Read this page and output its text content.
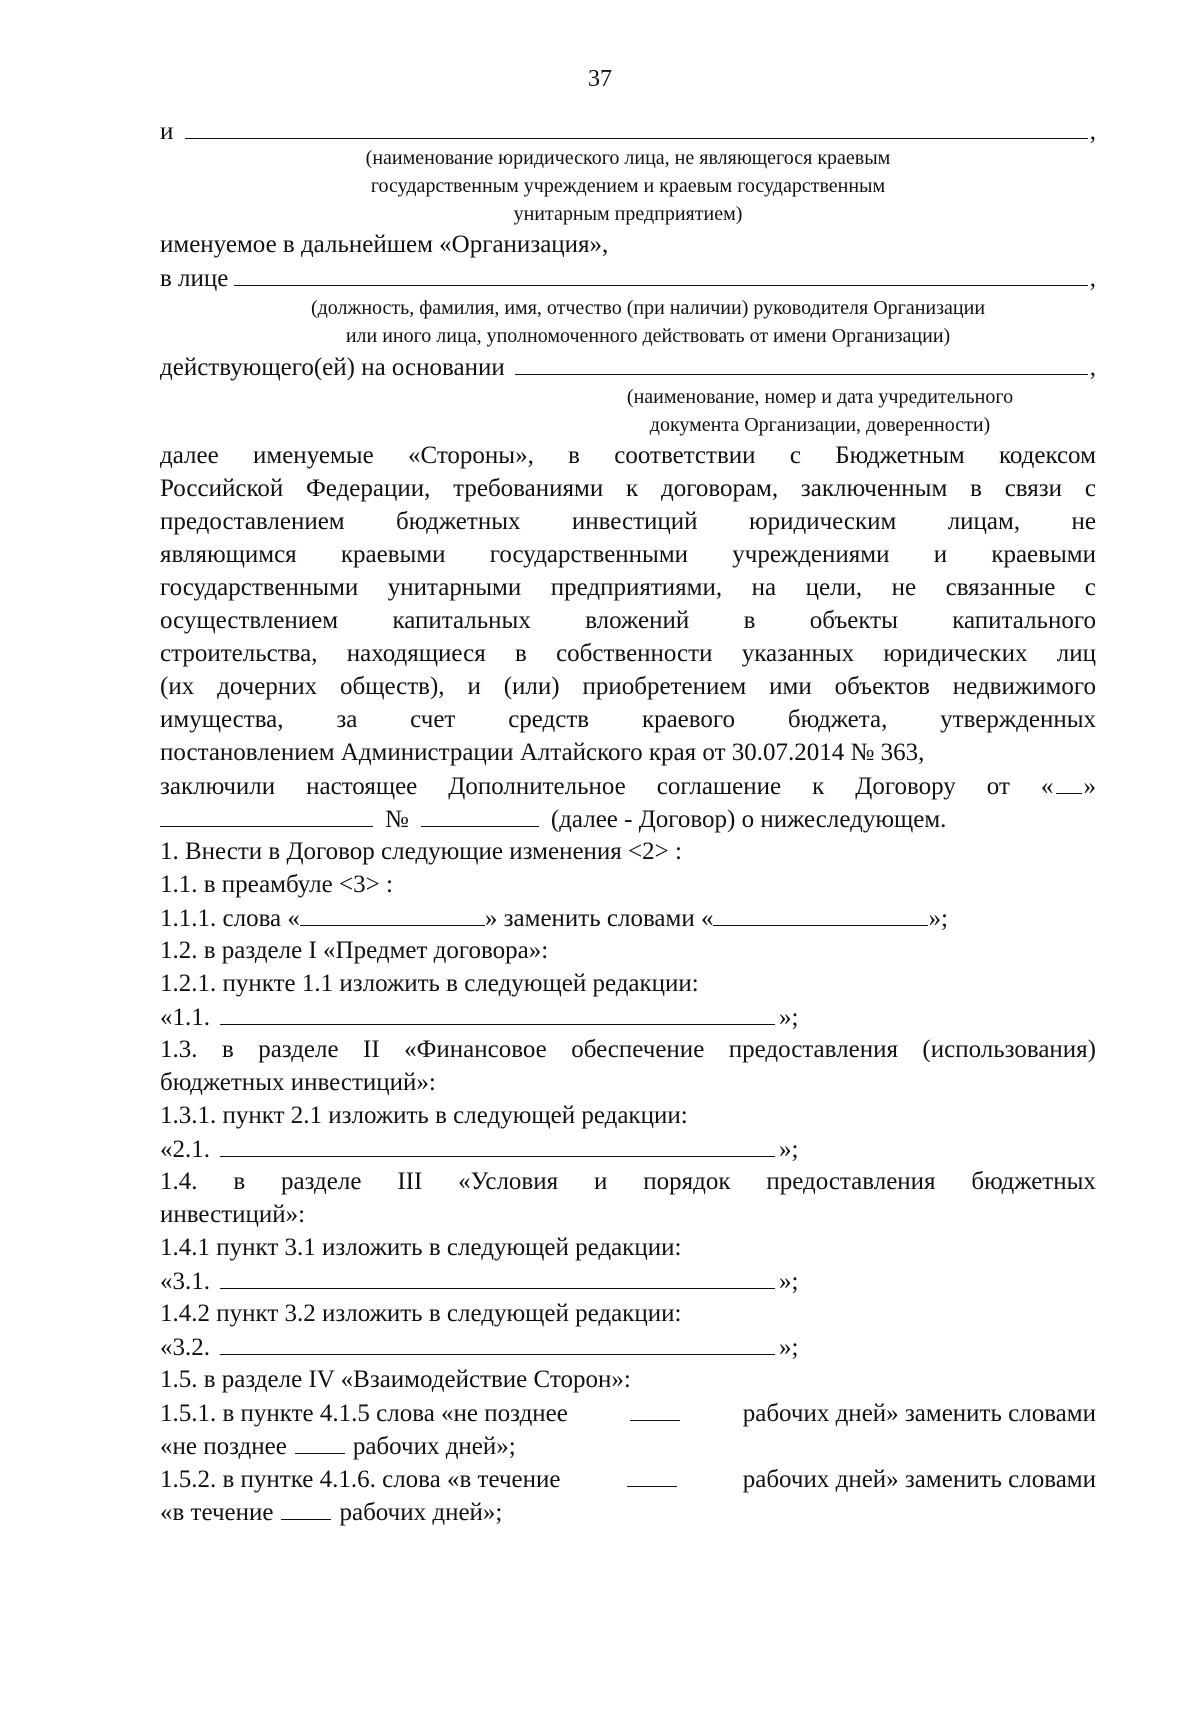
37
и	,
(наименование юридического лица, не являющегося краевым
государственным учреждением и краевым государственным
унитарным предприятием)
именуемое в дальнейшем «Организация»,
в лице	,
(должность, фамилия, имя, отчество (при наличии) руководителя Организации
или иного лица, уполномоченного действовать от имени Организации)
действующего(ей) на основании	,
(наименование, номер и дата учредительного
документа Организации, доверенности)
далее именуемые «Стороны», в соответствии с Бюджетным кодексом
Российской Федерации, требованиями к договорам, заключенным в связи с
предоставлением бюджетных инвестиций юридическим лицам, не
являющимся краевыми государственными учреждениями и краевыми
государственными унитарными предприятиями, на цели, не связанные с
осуществлением капитальных вложений в объекты капитального
строительства, находящиеся в собственности указанных юридических лиц
(их дочерних обществ), и (или) приобретением ими объектов недвижимого
имущества, за счет средств краевого бюджета, утвержденных
постановлением Администрации Алтайского края от 30.07.2014 № 363,
заключили настоящее Дополнительное соглашение к Договору от « »
№	(далее - Договор) о нижеследующем.
1. Внести в Договор следующие изменения <2> :
1.1. в преамбуле <3> :
1.1.1. слова «	» заменить словами «	»;
1.2. в разделе I «Предмет договора»:
1.2.1. пункте 1.1 изложить в следующей редакции:
«1.1.	»;
1.3. в разделе II «Финансовое обеспечение предоставления (использования)
бюджетных инвестиций»:
1.3.1. пункт 2.1 изложить в следующей редакции:
«2.1.	»;
1.4. в разделе III «Условия и порядок предоставления бюджетных
инвестиций»:
1.4.1 пункт 3.1 изложить в следующей редакции:
«3.1.	»;
1.4.2 пункт 3.2 изложить в следующей редакции:
«3.2.	»;
1.5. в разделе IV «Взаимодействие Сторон»:
1.5.1. в пункте 4.1.5 слова «не позднее	рабочих дней» заменить словами
«не позднее	рабочих дней»;
1.5.2. в пунтке 4.1.6. слова «в течение	рабочих дней» заменить словами
«в течение	рабочих дней»;
